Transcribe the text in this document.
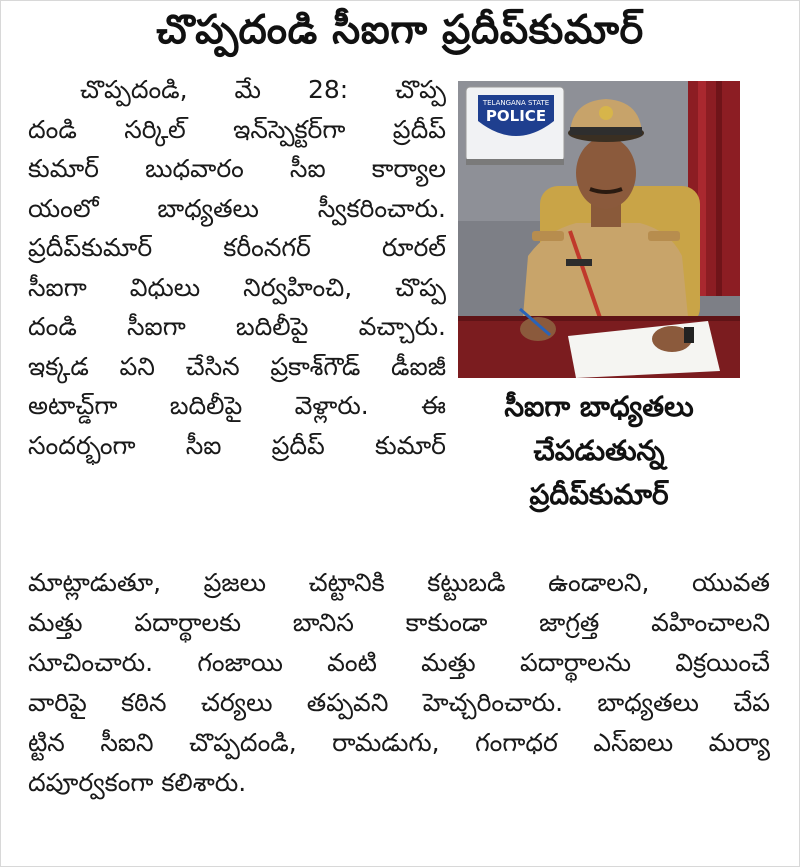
చొప్పదండి సీఐగా ప్రదీప్‌కుమార్
చొప్పదండి, మే 28: చొప్ప
దండి సర్కిల్ ఇన్‌స్పెక్టర్‌గా ప్రదీప్
కుమార్ బుధవారం సీఐ కార్యాల
యంలో బాధ్యతలు స్వీకరించారు.
ప్రదీప్‌కుమార్ కరీంనగర్ రూరల్
సీఐగా విధులు నిర్వహించి, చొప్ప
దండి సీఐగా బదిలీపై వచ్చారు.
ఇక్కడ పని చేసిన ప్రకాశ్‌గౌడ్ డీఐజీ
అటాచ్డ్‌గా బదిలీపై వెళ్లారు. ఈ
సందర్భంగా సీఐ ప్రదీప్ కుమార్
TELANGANA STATE
POLICE
సీఐగా బాధ్యతలు
చేపడుతున్న
ప్రదీప్‌కుమార్
మాట్లాడుతూ, ప్రజలు చట్టానికి కట్టుబడి ఉండాలని, యువత
మత్తు పదార్థాలకు బానిస కాకుండా జాగ్రత్త వహించాలని
సూచించారు. గంజాయి వంటి మత్తు పదార్థాలను విక్రయించే
వారిపై కఠిన చర్యలు తప్పవని హెచ్చరించారు. బాధ్యతలు చేప
ట్టిన సీఐని చొప్పదండి, రామడుగు, గంగాధర ఎస్ఐలు మర్యా
దపూర్వకంగా కలిశారు.
